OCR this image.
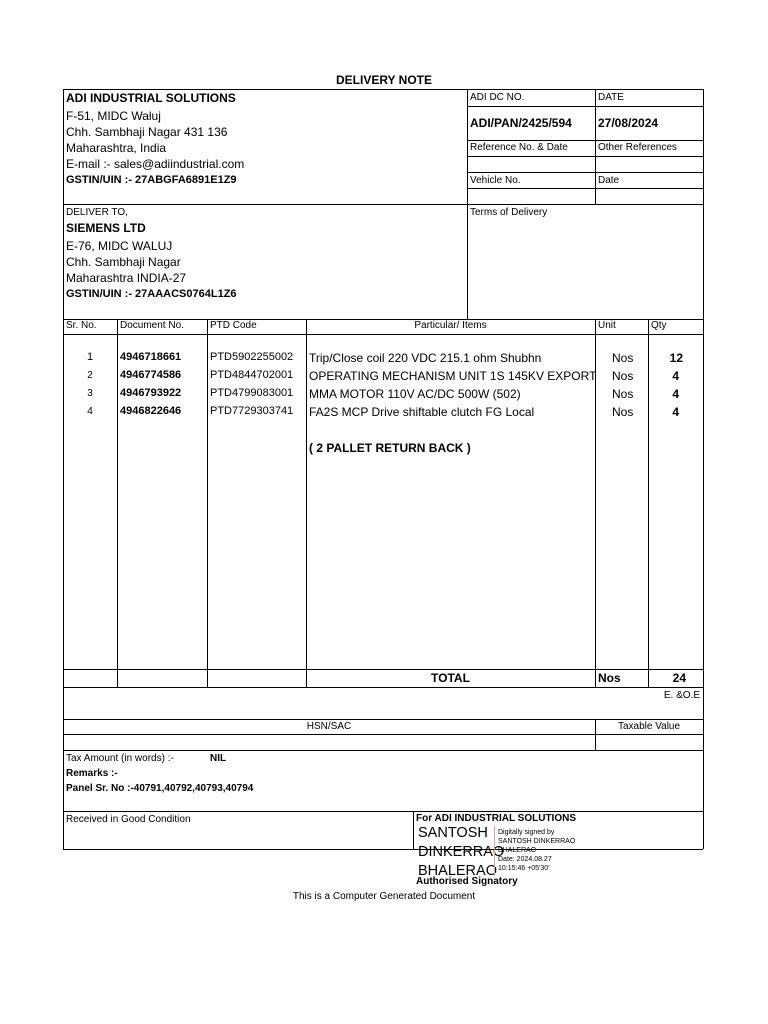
DELIVERY NOTE
ADI INDUSTRIAL SOLUTIONS
F-51, MIDC Waluj
Chh. Sambhaji Nagar 431 136
Maharashtra, India
E-mail :- sales@adiindustrial.com
GSTIN/UIN :- 27ABGFA6891E1Z9
ADI DC NO.	DATE
ADI/PAN/2425/594 27/08/2024
Reference No. & Date	Other References
Vehicle No.	Date
Terms of Delivery
DELIVER TO,
SIEMENS LTD
E-76, MIDC WALUJ
Chh. Sambhaji Nagar
Maharashtra INDIA-27
GSTIN/UIN :- 27AAACS0764L1Z6
Sr. No. Document No.	PTD Code	Particular/ Items	Unit	Qty
1	4946718661	PTD5902255002 Trip/Close coil 220 VDC 215.1 ohm Shubhn	Nos	12
2	4946774586	PTD4844702001 OPERATING MECHANISM UNIT 1S 145KV EXPORT Nos	4
3	4946793922	PTD4799083001 MMA MOTOR 110V AC/DC 500W (502)	Nos	4
4	4946822646	PTD7729303741 FA2S MCP Drive shiftable clutch FG Local	Nos	4
( 2 PALLET RETURN BACK )
TOTAL	Nos	24
E. &O.E
HSN/SAC	Taxable Value
Tax Amount (in words) :-	NIL
Remarks :-
Panel Sr. No :-40791,40792,40793,40794
Received in Good Condition	For ADI INDUSTRIAL SOLUTIONS
SANTOSH
DINKERRAO
BHALERAO
Digitally signed by
SANTOSH DINKERRAO
BHALERAO
Date: 2024.08.27
10:15:46 +05'30'
Authorised Signatory
This is a Computer Generated Document
